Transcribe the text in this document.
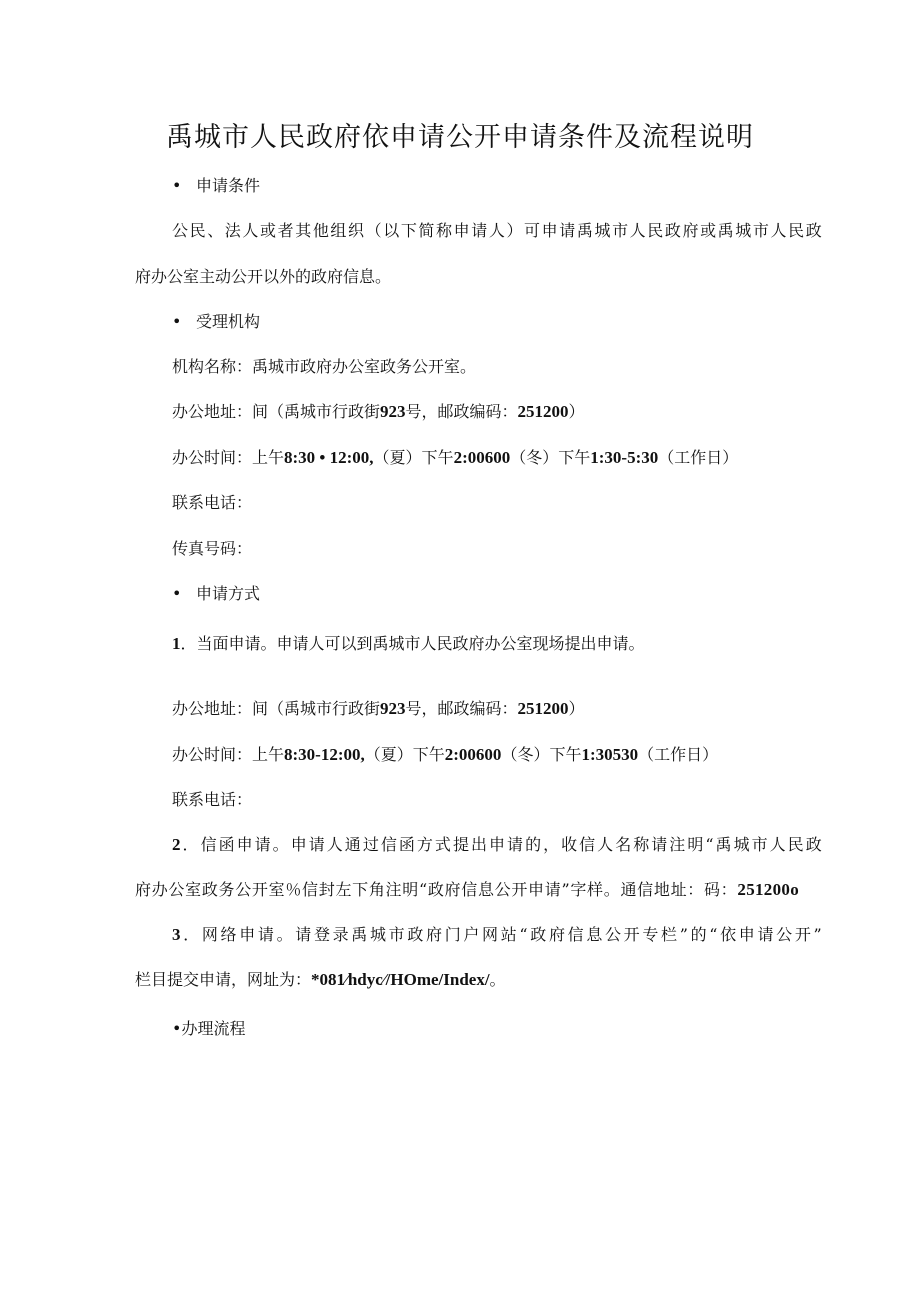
禹城市人民政府依申请公开申请条件及流程说明
• 申请条件
公民、法人或者其他组织（以下简称申请人）可申请禹城市人民政府或禹城市人民政
府办公室主动公开以外的政府信息。
• 受理机构
机构名称：禹城市政府办公室政务公开室。
办公地址：间（禹城市行政街923号，邮政编码：251200）
办公时间：上午8:30 • 12:00,（夏）下午2:00600（冬）下午1:30-5:30（工作日）
联系电话：
传真号码：
• 申请方式
1．当面申请。申请人可以到禹城市人民政府办公室现场提出申请。
办公地址：间（禹城市行政街923号，邮政编码：251200）
办公时间：上午8:30-12:00,（夏）下午2:00600（冬）下午1:30530（工作日）
联系电话：
2．信函申请。申请人通过信函方式提出申请的，收信人名称请注明“禹城市人民政
府办公室政务公开室％信封左下角注明“政府信息公开申请”字样。通信地址：码：251200o
3．网络申请。请登录禹城市政府门户网站“政府信息公开专栏”的“依申请公开”
栏目提交申请，网址为：*081⁄hdyc⁄/HOme/Index/。
•办理流程
